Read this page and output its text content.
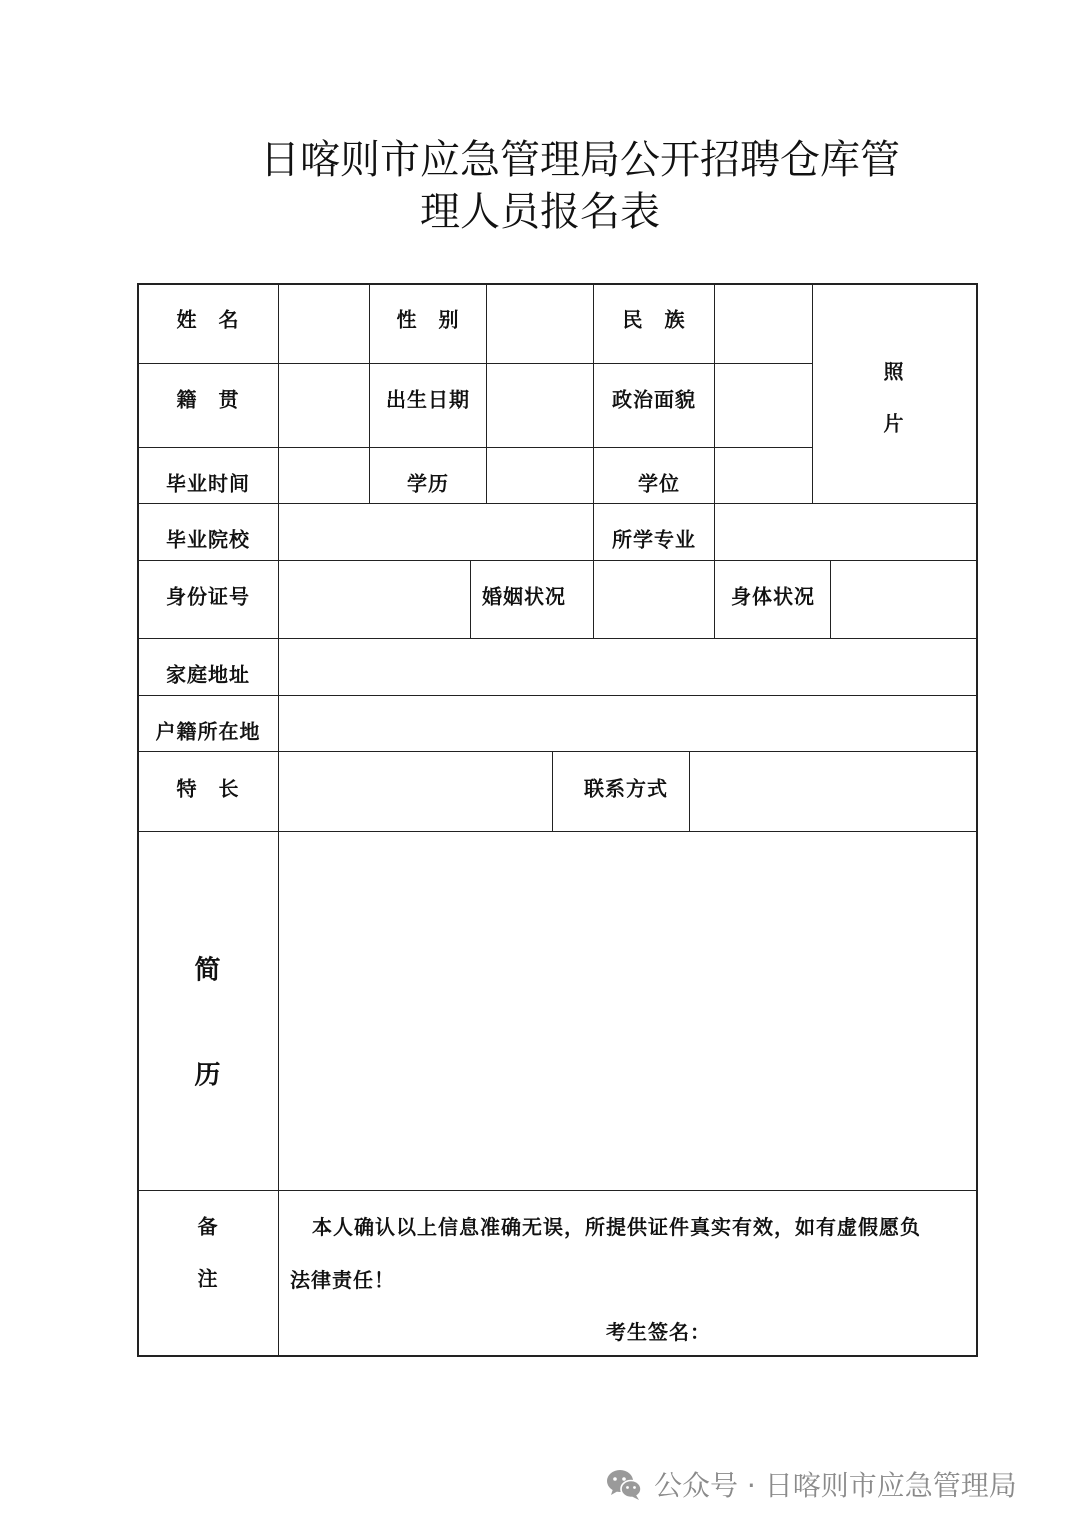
日喀则市应急管理局公开招聘仓库管
理人员报名表
姓　名	性　别	民　族
照
片
籍　贯	出生日期	政治面貌
毕业时间	学历	学位
毕业院校	所学专业
身份证号	婚姻状况	身体状况
家庭地址
户籍所在地
特　长	联系方式
简
历
备
注
本人确认以上信息准确无误，所提供证件真实有效，如有虚假愿负
法律责任！
考生签名：
公众号 · 日喀则市应急管理局
